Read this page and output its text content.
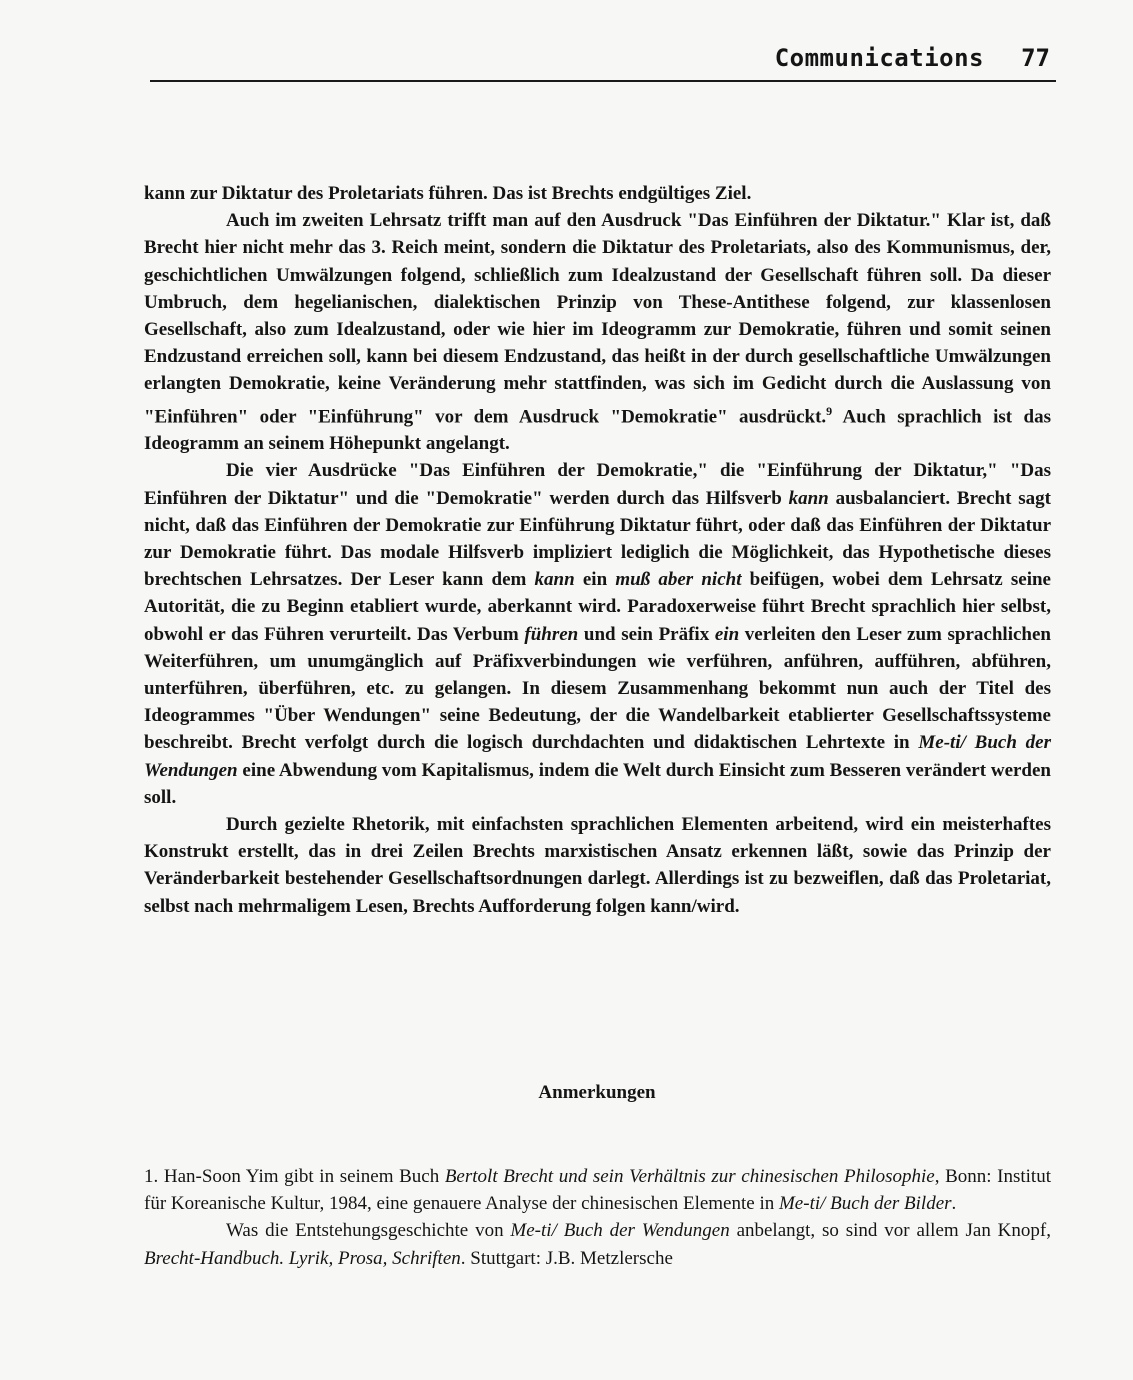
Communications 77

kann zur Diktatur des Proletariats führen. Das ist Brechts endgültiges Ziel.

Auch im zweiten Lehrsatz trifft man auf den Ausdruck "Das Einführen der Diktatur." Klar ist, daß Brecht hier nicht mehr das 3. Reich meint, sondern die Diktatur des Proletariats, also des Kommunismus, der, geschichtlichen Umwälzungen folgend, schließlich zum Idealzustand der Gesellschaft führen soll. Da dieser Umbruch, dem hegelianischen, dialektischen Prinzip von These-Antithese folgend, zur klassenlosen Gesellschaft, also zum Idealzustand, oder wie hier im Ideogramm zur Demokratie, führen und somit seinen Endzustand erreichen soll, kann bei diesem Endzustand, das heißt in der durch gesellschaftliche Umwälzungen erlangten Demokratie, keine Veränderung mehr stattfinden, was sich im Gedicht durch die Auslassung von "Einführen" oder "Einführung" vor dem Ausdruck "Demokratie" ausdrückt.$^9$ Auch sprachlich ist das Ideogramm an seinem Höhepunkt angelangt.

Die vier Ausdrücke "Das Einführen der Demokratie," die "Einführung der Diktatur," "Das Einführen der Diktatur" und die "Demokratie" werden durch das Hilfsverb kann ausbalanciert. Brecht sagt nicht, daß das Einführen der Demokratie zur Einführung Diktatur führt, oder daß das Einführen der Diktatur zur Demokratie führt. Das modale Hilfsverb impliziert lediglich die Möglichkeit, das Hypothetische dieses brechtschen Lehrsatzes. Der Leser kann dem kann ein muß aber nicht beifügen, wobei dem Lehrsatz seine Autorität, die zu Beginn etabliert wurde, aberkannt wird. Paradoxerweise führt Brecht sprachlich hier selbst, obwohl er das Führen verurteilt. Das Verbum führen und sein Präfix ein verleiten den Leser zum sprachlichen Weiterführen, um unumgänglich auf Präfixverbindungen wie verführen, anführen, aufführen, abführen, unterführen, überführen, etc. zu gelangen. In diesem Zusammenhang bekommt nun auch der Titel des Ideogrammes "Über Wendungen" seine Bedeutung, der die Wandelbarkeit etablierter Gesellschaftssysteme beschreibt. Brecht verfolgt durch die logisch durchdachten und didaktischen Lehrtexte in Me-ti/ Buch der Wendungen eine Abwendung vom Kapitalismus, indem die Welt durch Einsicht zum Besseren verändert werden soll.

Durch gezielte Rhetorik, mit einfachsten sprachlichen Elementen arbeitend, wird ein meisterhaftes Konstrukt erstellt, das in drei Zeilen Brechts marxistischen Ansatz erkennen läßt, sowie das Prinzip der Veränderbarkeit bestehender Gesellschaftsordnungen darlegt. Allerdings ist zu bezweiflen, daß das Proletariat, selbst nach mehrmaligem Lesen, Brechts Aufforderung folgen kann/wird.

Anmerkungen

1. Han-Soon Yim gibt in seinem Buch Bertolt Brecht und sein Verhältnis zur chinesischen Philosophie, Bonn: Institut für Koreanische Kultur, 1984, eine genauere Analyse der chinesischen Elemente in Me-ti/ Buch der Bilder.

Was die Entstehungsgeschichte von Me-ti/ Buch der Wendungen anbelangt, so sind vor allem Jan Knopf, Brecht-Handbuch. Lyrik, Prosa, Schriften. Stuttgart: J.B. Metzlersche
